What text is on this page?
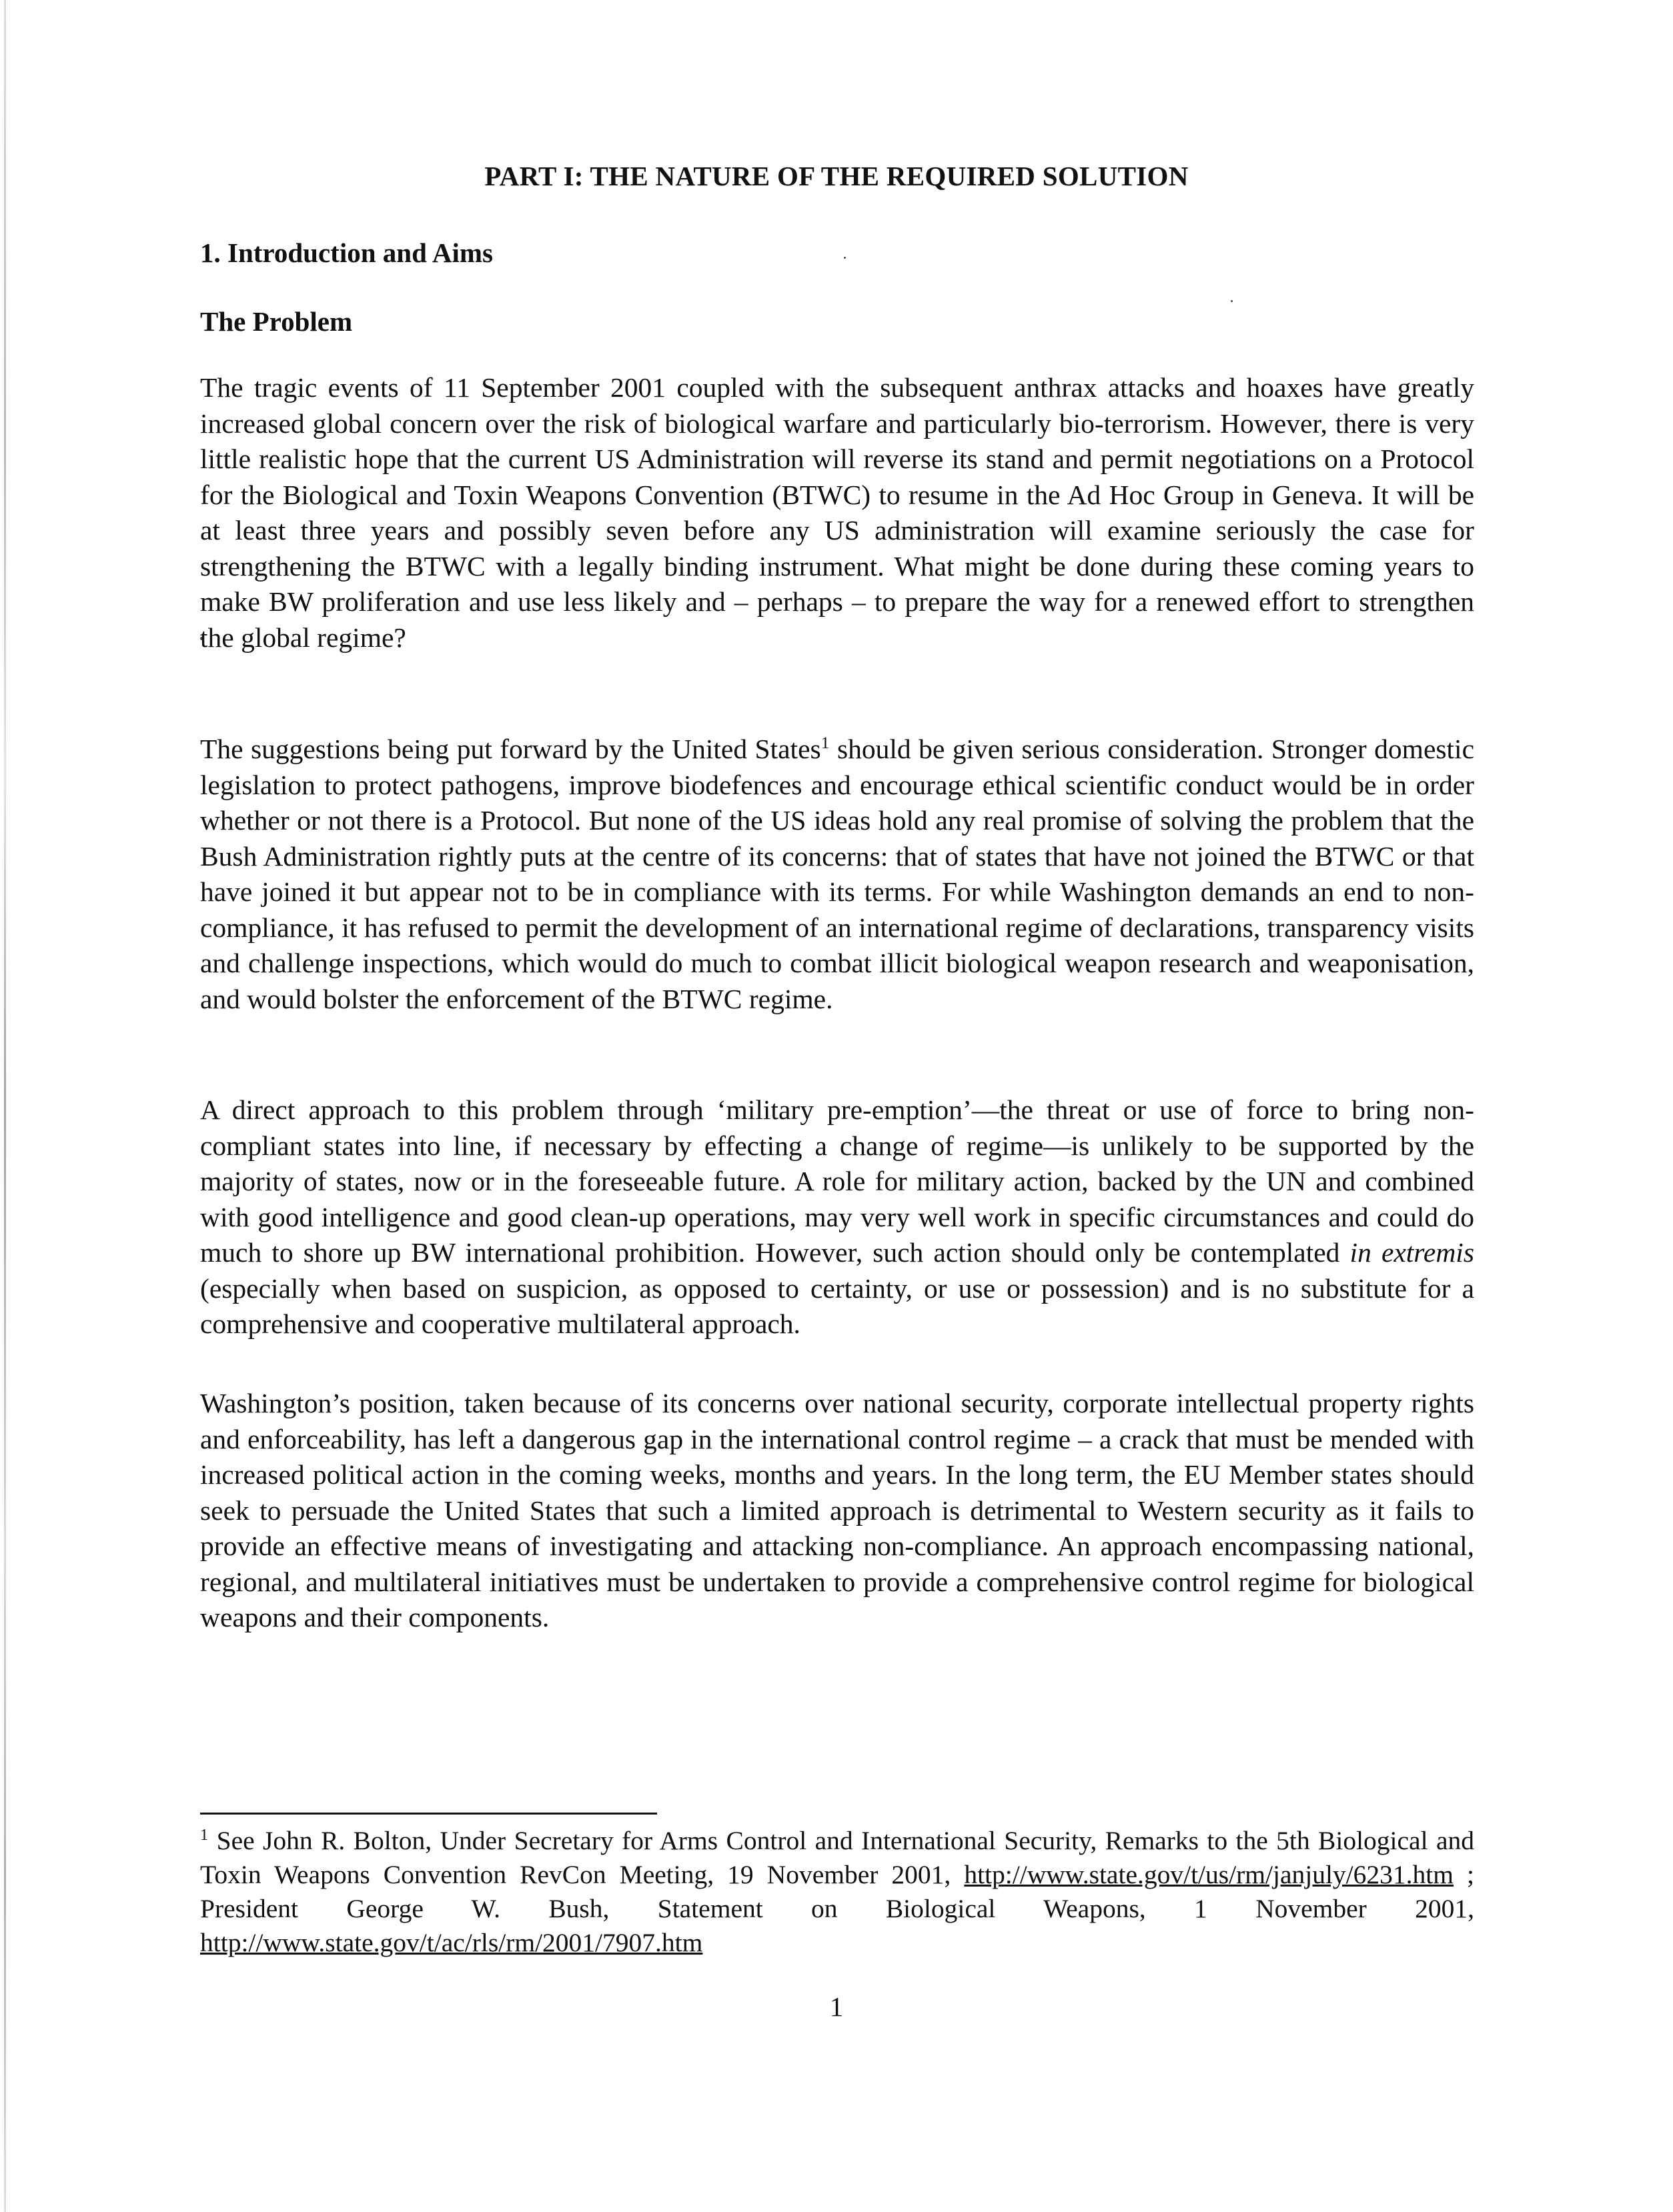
PART I: THE NATURE OF THE REQUIRED SOLUTION
1. Introduction and Aims
The Problem

The tragic events of 11 September 2001 coupled with the subsequent anthrax attacks and hoaxes have greatly increased global concern over the risk of biological warfare and particularly bio-terrorism. However, there is very little realistic hope that the current US Administration will reverse its stand and permit negotiations on a Protocol for the Biological and Toxin Weapons Convention (BTWC) to resume in the Ad Hoc Group in Geneva. It will be at least three years and possibly seven before any US administration will examine seriously the case for strengthening the BTWC with a legally binding instrument. What might be done during these coming years to make BW proliferation and use less likely and – perhaps – to prepare the way for a renewed effort to strengthen the global regime?

The suggestions being put forward by the United States$^1$ should be given serious consideration. Stronger domestic legislation to protect pathogens, improve biodefences and encourage ethical scientific conduct would be in order whether or not there is a Protocol. But none of the US ideas hold any real promise of solving the problem that the Bush Administration rightly puts at the centre of its concerns: that of states that have not joined the BTWC or that have joined it but appear not to be in compliance with its terms. For while Washington demands an end to non-compliance, it has refused to permit the development of an international regime of declarations, transparency visits and challenge inspections, which would do much to combat illicit biological weapon research and weaponisation, and would bolster the enforcement of the BTWC regime.

A direct approach to this problem through ‘military pre-emption’—the threat or use of force to bring non-compliant states into line, if necessary by effecting a change of regime—is unlikely to be supported by the majority of states, now or in the foreseeable future. A role for military action, backed by the UN and combined with good intelligence and good clean-up operations, may very well work in specific circumstances and could do much to shore up BW international prohibition. However, such action should only be contemplated in extremis (especially when based on suspicion, as opposed to certainty, or use or possession) and is no substitute for a comprehensive and cooperative multilateral approach.

Washington’s position, taken because of its concerns over national security, corporate intellectual property rights and enforceability, has left a dangerous gap in the international control regime – a crack that must be mended with increased political action in the coming weeks, months and years. In the long term, the EU Member states should seek to persuade the United States that such a limited approach is detrimental to Western security as it fails to provide an effective means of investigating and attacking non-compliance. An approach encompassing national, regional, and multilateral initiatives must be undertaken to provide a comprehensive control regime for biological weapons and their components.

$^1$ See John R. Bolton, Under Secretary for Arms Control and International Security, Remarks to the 5th Biological and Toxin Weapons Convention RevCon Meeting, 19 November 2001, http://www.state.gov/t/us/rm/janjuly/6231.htm ; President George W. Bush, Statement on Biological Weapons, 1 November 2001, http://www.state.gov/t/ac/rls/rm/2001/7907.htm
1
